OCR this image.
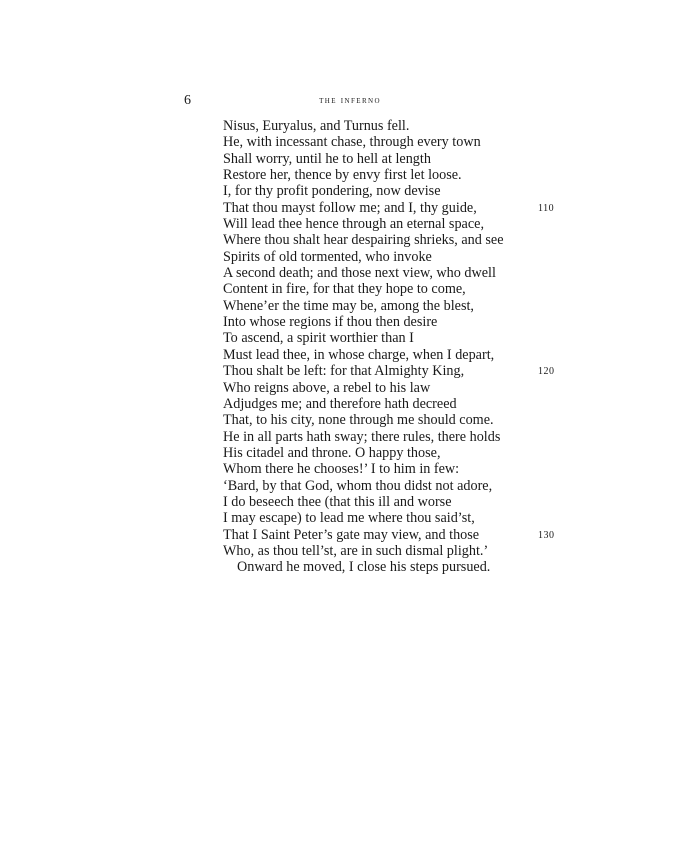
6	the inferno
Nisus, Euryalus, and Turnus fell.
He, with incessant chase, through every town
Shall worry, until he to hell at length
Restore her, thence by envy first let loose.
I, for thy profit pondering, now devise
That thou mayst follow me; and I, thy guide,	110
Will lead thee hence through an eternal space,
Where thou shalt hear despairing shrieks, and see
Spirits of old tormented, who invoke
A second death; and those next view, who dwell
Content in fire, for that they hope to come,
Whene’er the time may be, among the blest,
Into whose regions if thou then desire
To ascend, a spirit worthier than I
Must lead thee, in whose charge, when I depart,
Thou shalt be left: for that Almighty King,	120
Who reigns above, a rebel to his law
Adjudges me; and therefore hath decreed
That, to his city, none through me should come.
He in all parts hath sway; there rules, there holds
His citadel and throne. O happy those,
Whom there he chooses!’ I to him in few:
‘Bard, by that God, whom thou didst not adore,
I do beseech thee (that this ill and worse
I may escape) to lead me where thou said’st,
That I Saint Peter’s gate may view, and those	130
Who, as thou tell’st, are in such dismal plight.’
Onward he moved, I close his steps pursued.
